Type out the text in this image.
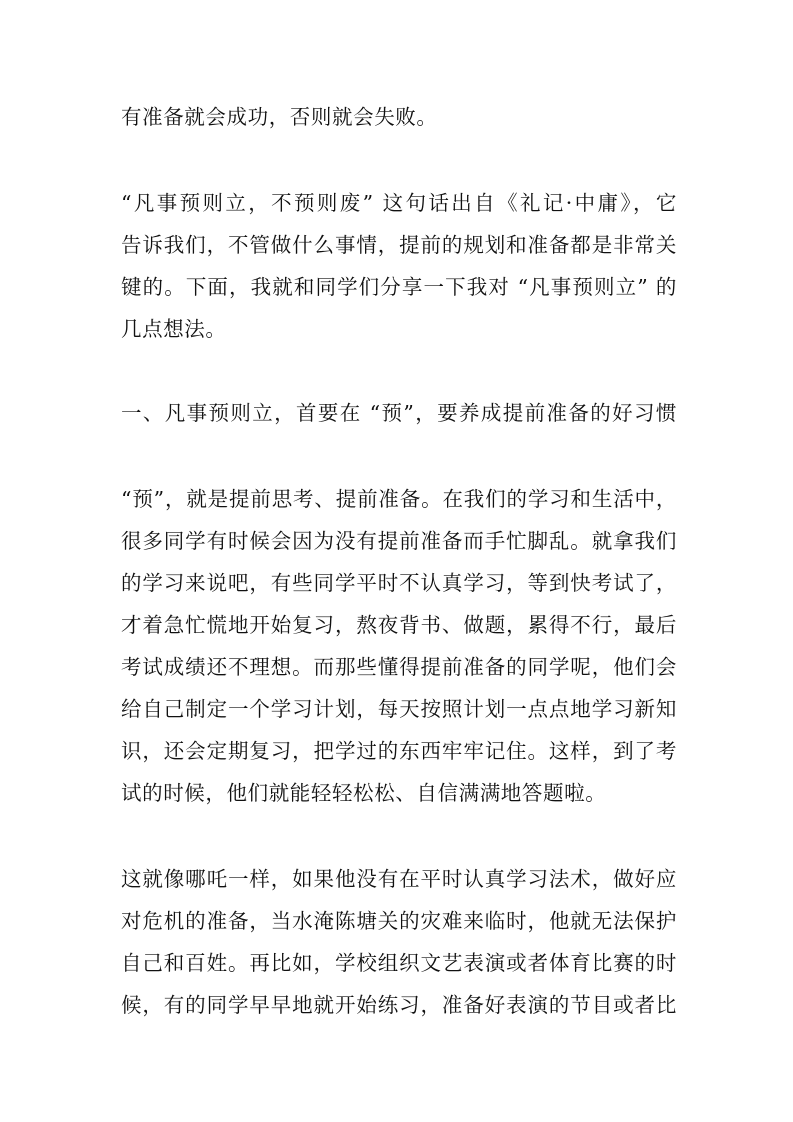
有准备就会成功，否则就会失败。
“凡事预则立，不预则废” 这句话出自《礼记·中庸》，它
告诉我们，不管做什么事情，提前的规划和准备都是非常关
键的。下面，我就和同学们分享一下我对 “凡事预则立” 的
几点想法。
一、凡事预则立，首要在 “预”，要养成提前准备的好习惯
“预”，就是提前思考、提前准备。在我们的学习和生活中，
很多同学有时候会因为没有提前准备而手忙脚乱。就拿我们
的学习来说吧，有些同学平时不认真学习，等到快考试了，
才着急忙慌地开始复习，熬夜背书、做题，累得不行，最后
考试成绩还不理想。而那些懂得提前准备的同学呢，他们会
给自己制定一个学习计划，每天按照计划一点点地学习新知
识，还会定期复习，把学过的东西牢牢记住。这样，到了考
试的时候，他们就能轻轻松松、自信满满地答题啦。
这就像哪吒一样，如果他没有在平时认真学习法术，做好应
对危机的准备，当水淹陈塘关的灾难来临时，他就无法保护
自己和百姓。再比如，学校组织文艺表演或者体育比赛的时
候，有的同学早早地就开始练习，准备好表演的节目或者比
